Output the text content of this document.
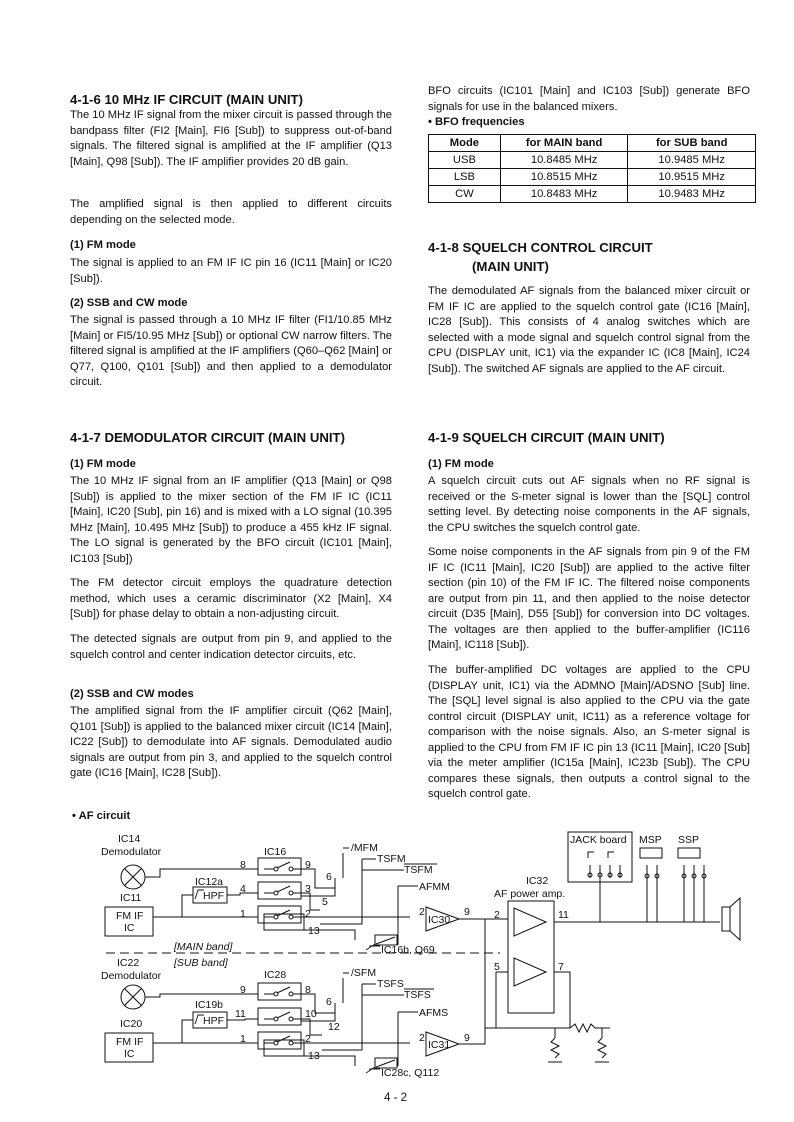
4-1-6 10 MHz IF CIRCUIT (MAIN UNIT)

The 10 MHz IF signal from the mixer circuit is passed through the bandpass filter (FI2 [Main], FI6 [Sub]) to suppress out-of-band signals. The filtered signal is amplified at the IF amplifier (Q13 [Main], Q98 [Sub]). The IF amplifier provides 20 dB gain.

The amplified signal is then applied to different circuits depending on the selected mode.

(1) FM mode

The signal is applied to an FM IF IC pin 16 (IC11 [Main] or IC20 [Sub]).

(2) SSB and CW mode

The signal is passed through a 10 MHz IF filter (FI1/10.85 MHz [Main] or FI5/10.95 MHz [Sub]) or optional CW narrow filters. The filtered signal is amplified at the IF amplifiers (Q60–Q62 [Main] or Q77, Q100, Q101 [Sub]) and then applied to a demodulator circuit.

4-1-7 DEMODULATOR CIRCUIT (MAIN UNIT)
(1) FM mode

The 10 MHz IF signal from an IF amplifier (Q13 [Main] or Q98 [Sub]) is applied to the mixer section of the FM IF IC (IC11 [Main], IC20 [Sub], pin 16) and is mixed with a LO signal (10.395 MHz [Main], 10.495 MHz [Sub]) to produce a 455 kHz IF signal. The LO signal is generated by the BFO circuit (IC101 [Main], IC103 [Sub])

The FM detector circuit employs the quadrature detection method, which uses a ceramic discriminator (X2 [Main], X4 [Sub]) for phase delay to obtain a non-adjusting circuit.

The detected signals are output from pin 9, and applied to the squelch control and center indication detector circuits, etc.

(2) SSB and CW modes

The amplified signal from the IF amplifier circuit (Q62 [Main], Q101 [Sub]) is applied to the balanced mixer circuit (IC14 [Main], IC22 [Sub]) to demodulate into AF signals. Demodulated audio signals are output from pin 3, and applied to the squelch control gate (IC16 [Main], IC28 [Sub]).

BFO circuits (IC101 [Main] and IC103 [Sub]) generate BFO signals for use in the balanced mixers.

• BFO frequencies
Mode	for MAIN band	for SUB band
USB	10.8485 MHz	10.9485 MHz
LSB	10.8515 MHz	10.9515 MHz
CW	10.8483 MHz	10.9483 MHz
4-1-8 SQUELCH CONTROL CIRCUIT
(MAIN UNIT)

The demodulated AF signals from the balanced mixer circuit or FM IF IC are applied to the squelch control gate (IC16 [Main], IC28 [Sub]). This consists of 4 analog switches which are selected with a mode signal and squelch control signal from the CPU (DISPLAY unit, IC1) via the expander IC (IC8 [Main], IC24 [Sub]). The switched AF signals are applied to the AF circuit.

4-1-9 SQUELCH CIRCUIT (MAIN UNIT)
(1) FM mode

A squelch circuit cuts out AF signals when no RF signal is received or the S-meter signal is lower than the [SQL] control setting level. By detecting noise components in the AF signals, the CPU switches the squelch control gate.

Some noise components in the AF signals from pin 9 of the FM IF IC (IC11 [Main], IC20 [Sub]) are applied to the active filter section (pin 10) of the FM IF IC. The filtered noise components are output from pin 11, and then applied to the noise detector circuit (D35 [Main], D55 [Sub]) for conversion into DC voltages. The voltages are then applied to the buffer-amplifier (IC116 [Main], IC118 [Sub]).

The buffer-amplified DC voltages are applied to the CPU (DISPLAY unit, IC1) via the ADMNO [Main]/ADSNO [Sub] line. The [SQL] level signal is also applied to the CPU via the gate control circuit (DISPLAY unit, IC11) as a reference voltage for comparison with the noise signals. Also, an S-meter signal is applied to the CPU from FM IF IC pin 13 (IC11 [Main], IC20 [Sub] via the meter amplifier (IC15a [Main], IC23b [Sub]). The CPU compares these signals, then outputs a control signal to the squelch control gate.

• AF circuit
IC14
Demodulator	IC16
8	9
4	3
6
5
1	2
13
IC12a
HPF
IC11
FM IF
IC
/MFM
TSFM
TSFM
AFMM
2
IC30
9
IC16b, Q69
[MAIN band]
[SUB band]
IC22
Demodulator	IC28
9	8
11	10
6
12
1	2
13
IC19b
HPF
IC20
FM IF
IC
/SFM
TSFS
TSFS
AFMS
2
IC31
9
IC28c, Q112
IC32
AF power amp.
2	11
5	7
JACK board MSP SSP
4 - 2
